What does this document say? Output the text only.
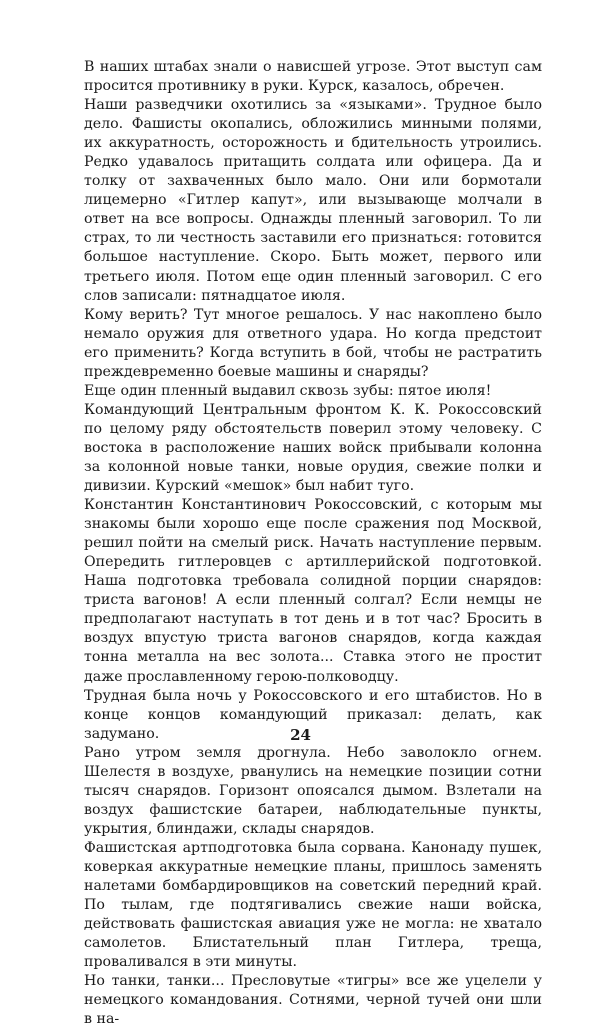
В наших штабах знали о нависшей угрозе. Этот выступ сам просится противнику в руки. Курск, казалось, обречен.

Наши разведчики охотились за «языками». Трудное было дело. Фашисты окопались, обложились минными полями, их аккуратность, осторожность и бдительность утроились. Редко удавалось притащить солдата или офицера. Да и толку от захваченных было мало. Они или бормотали лицемерно «Гитлер капут», или вызывающе молчали в ответ на все вопросы. Однажды пленный заговорил. То ли страх, то ли честность заставили его признаться: готовится большое наступление. Скоро. Быть может, первого или третьего июля. Потом еще один пленный заговорил. С его слов записали: пятнадцатое июля.

Кому верить? Тут многое решалось. У нас накоплено было немало оружия для ответного удара. Но когда предстоит его применить? Когда вступить в бой, чтобы не растратить преждевременно боевые машины и снаряды?

Еще один пленный выдавил сквозь зубы: пятое июля!

Командующий Центральным фронтом К. К. Рокоссовский по целому ряду обстоятельств поверил этому человеку. С востока в расположение наших войск прибывали колонна за колонной новые танки, новые орудия, свежие полки и дивизии. Курский «мешок» был набит туго.

Константин Константинович Рокоссовский, с которым мы знакомы были хорошо еще после сражения под Москвой, решил пойти на смелый риск. Начать наступление первым. Опередить гитлеровцев с артиллерийской подготовкой. Наша подготовка требовала солидной порции снарядов: триста вагонов! А если пленный солгал? Если немцы не предполагают наступать в тот день и в тот час? Бросить в воздух впустую триста вагонов снарядов, когда каждая тонна металла на вес золота... Ставка этого не простит даже прославленному герою-полководцу.

Трудная была ночь у Рокоссовского и его штабистов. Но в конце концов командующий приказал: делать, как задумано.

Рано утром земля дрогнула. Небо заволокло огнем. Шелестя в воздухе, рванулись на немецкие позиции сотни тысяч снарядов. Горизонт опоясался дымом. Взлетали на воздух фашистские батареи, наблюдательные пункты, укрытия, блиндажи, склады снарядов.

Фашистская артподготовка была сорвана. Канонаду пушек, коверкая аккуратные немецкие планы, пришлось заменять налетами бомбардировщиков на советский передний край. По тылам, где подтягивались свежие наши войска, действовать фашистская авиация уже не могла: не хватало самолетов. Блистательный план Гитлера, треща, проваливался в эти минуты.

Но танки, танки... Пресловутые «тигры» все же уцелели у немецкого командования. Сотнями, черной тучей они шли в на-

24
